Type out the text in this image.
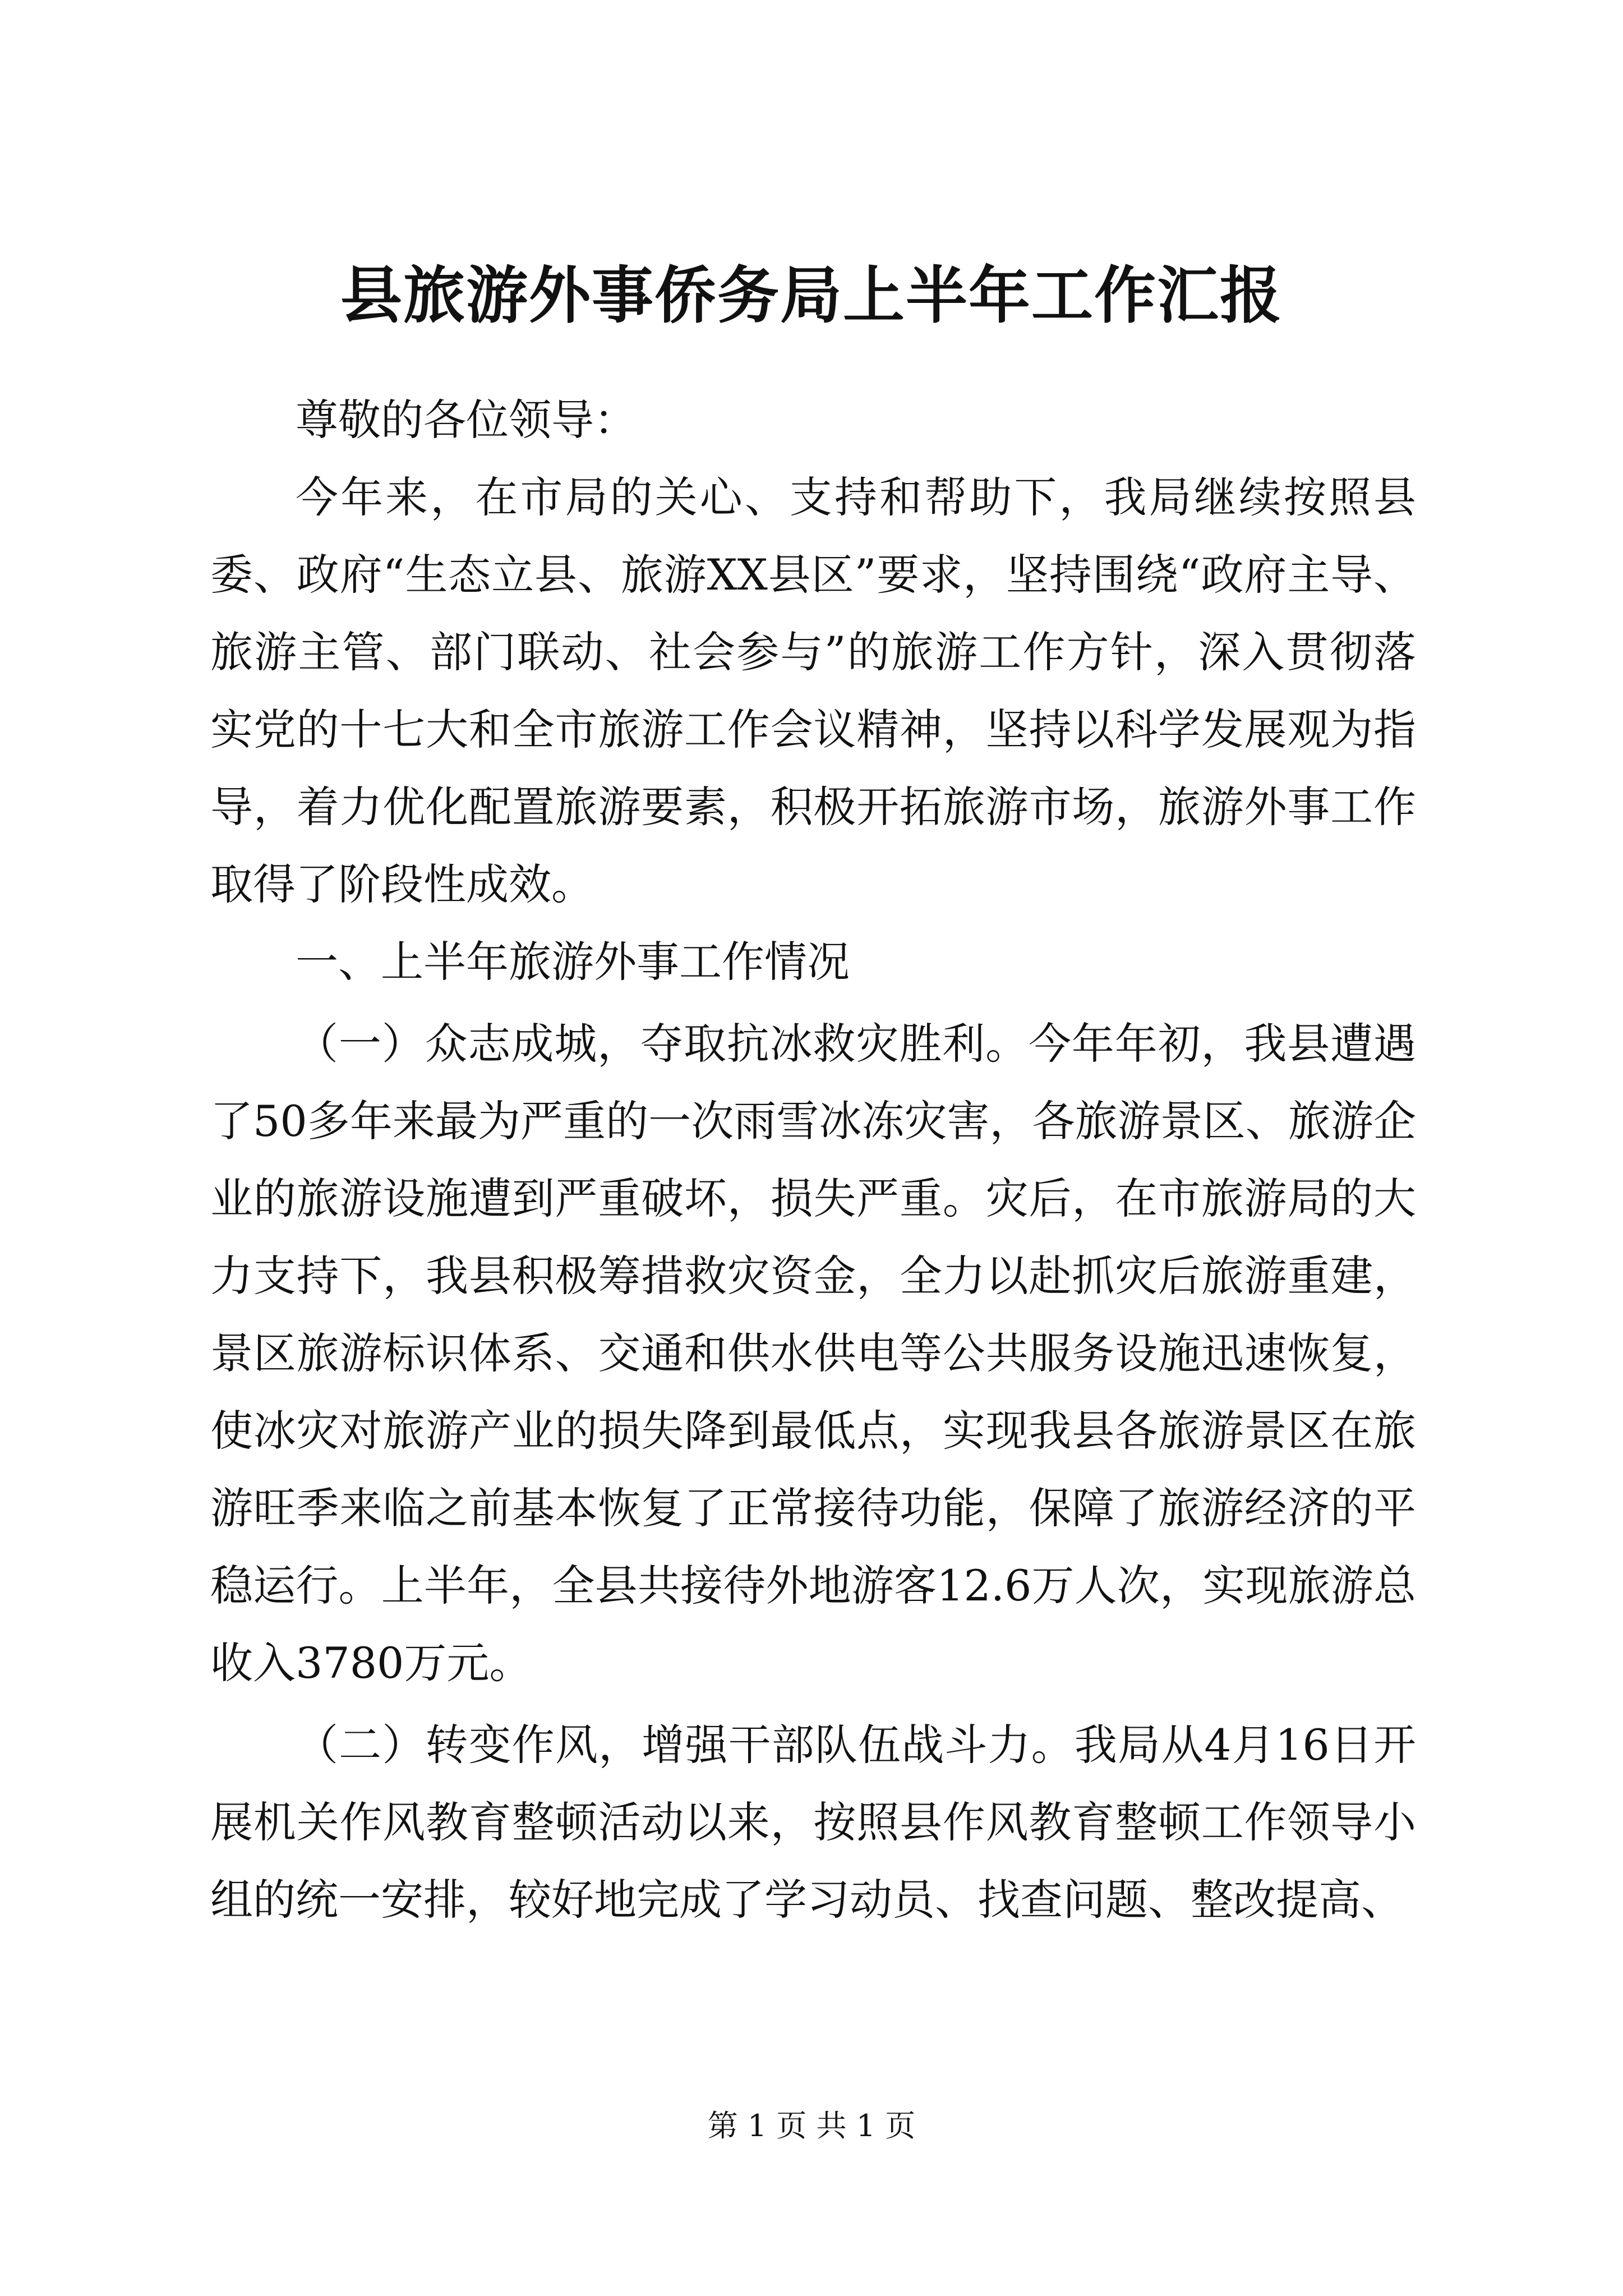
县旅游外事侨务局上半年工作汇报

尊敬的各位领导：

今年来，在市局的关心、支持和帮助下，我局继续按照县委、政府“生态立县、旅游XX县区”要求，坚持围绕“政府主导、旅游主管、部门联动、社会参与”的旅游工作方针，深入贯彻落实党的十七大和全市旅游工作会议精神，坚持以科学发展观为指导，着力优化配置旅游要素，积极开拓旅游市场，旅游外事工作取得了阶段性成效。

一、上半年旅游外事工作情况

（一）众志成城，夺取抗冰救灾胜利。今年年初，我县遭遇了50多年来最为严重的一次雨雪冰冻灾害，各旅游景区、旅游企业的旅游设施遭到严重破坏，损失严重。灾后，在市旅游局的大力支持下，我县积极筹措救灾资金，全力以赴抓灾后旅游重建，景区旅游标识体系、交通和供水供电等公共服务设施迅速恢复，使冰灾对旅游产业的损失降到最低点，实现我县各旅游景区在旅游旺季来临之前基本恢复了正常接待功能，保障了旅游经济的平稳运行。上半年，全县共接待外地游客12.6万人次，实现旅游总收入3780万元。

（二）转变作风，增强干部队伍战斗力。我局从4月16日开展机关作风教育整顿活动以来，按照县作风教育整顿工作领导小组的统一安排，较好地完成了学习动员、找查问题、整改提高、

第 1 页 共 1 页
